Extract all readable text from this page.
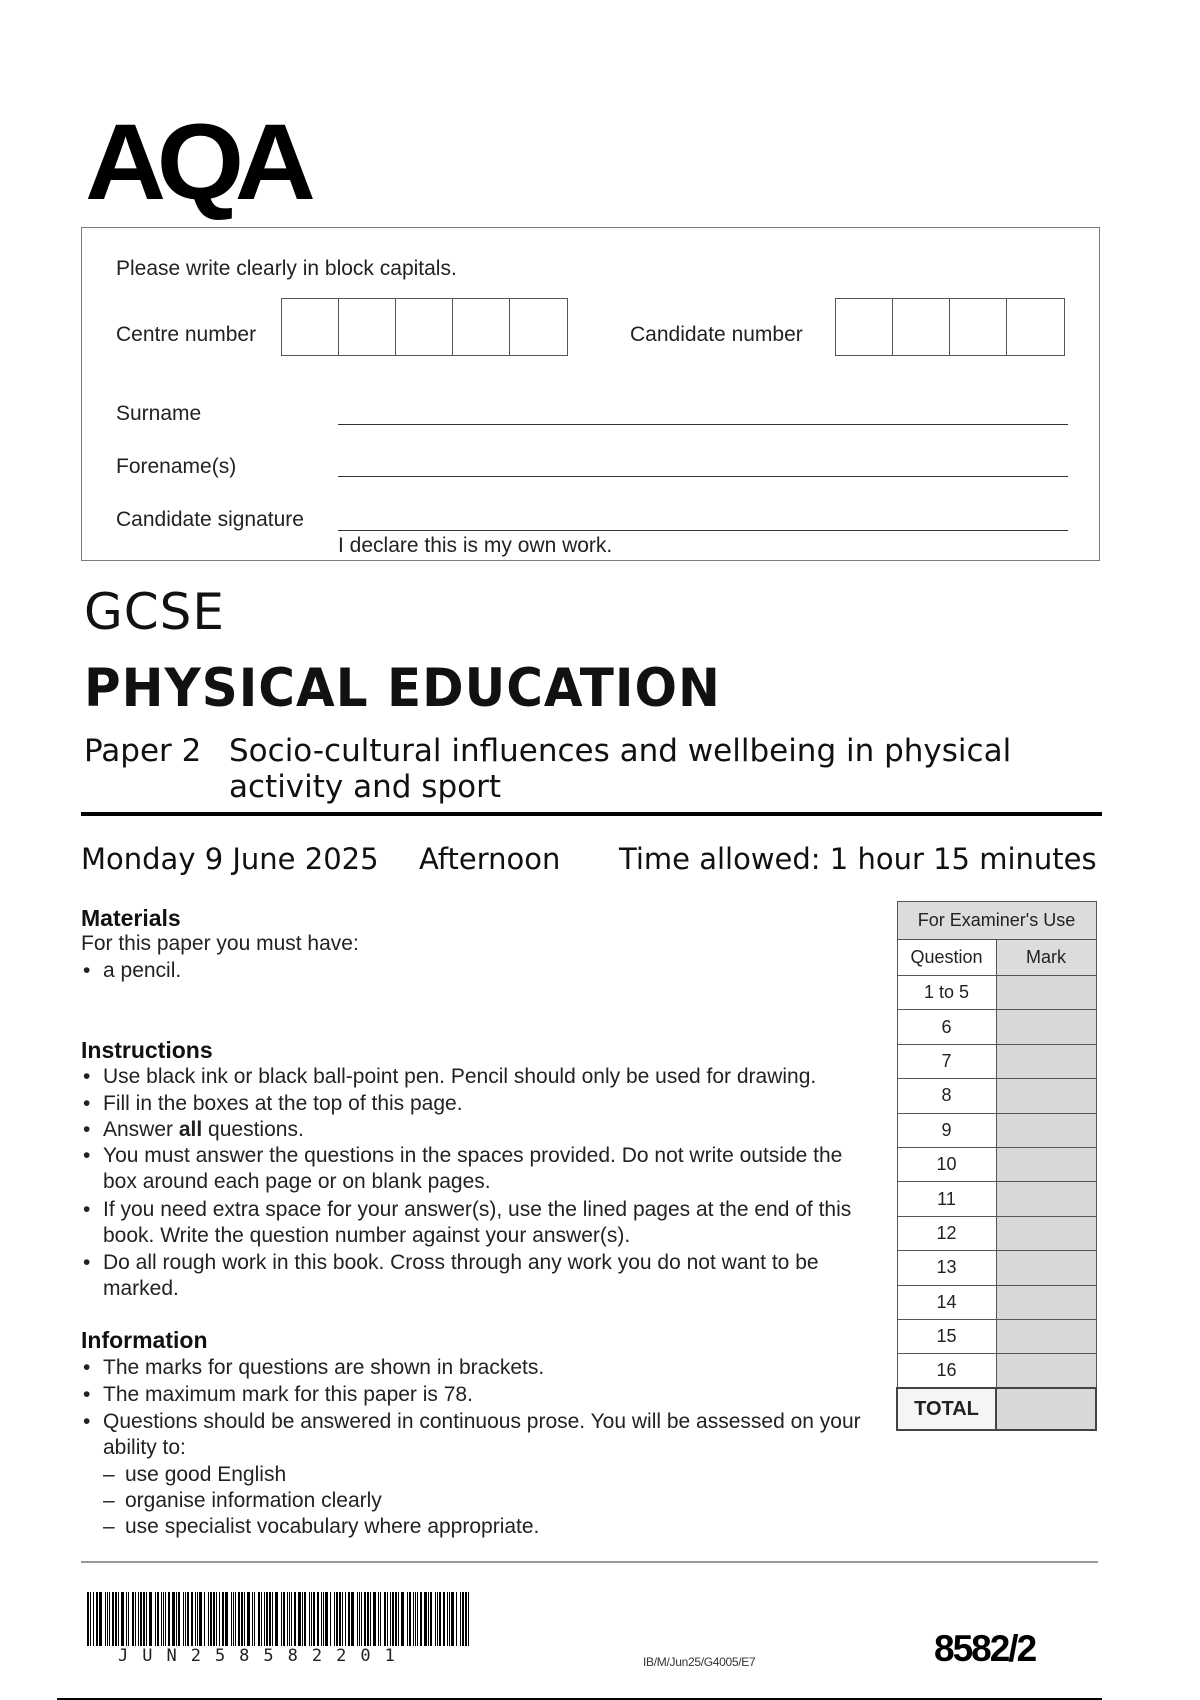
AQA
Please write clearly in block capitals.
Centre number	Candidate number
Surname
Forename(s)
Candidate signature
I declare this is my own work.
GCSE
PHYSICAL EDUCATION
Paper 2 Socio-cultural influences and wellbeing in physical activity and sport
Monday 9 June 2025 Afternoon Time allowed: 1 hour 15 minutes
Materials
For this paper you must have:
• a pencil.
Instructions
• Use black ink or black ball-point pen. Pencil should only be used for drawing.
• Fill in the boxes at the top of this page.
• Answer all questions.
• You must answer the questions in the spaces provided. Do not write outside the box around each page or on blank pages.
• If you need extra space for your answer(s), use the lined pages at the end of this book. Write the question number against your answer(s).
• Do all rough work in this book. Cross through any work you do not want to be marked.
Information
• The marks for questions are shown in brackets.
• The maximum mark for this paper is 78.
• Questions should be answered in continuous prose. You will be assessed on your ability to:
– use good English
– organise information clearly
– use specialist vocabulary where appropriate.
For Examiner's Use	
Question	Mark
1 to 5	
6	
7	
8	
9	
10	
11	
12	
13	
14	
15	
16	
TOTAL	
JUN258582201	IB/M/Jun25/G4005/E7	8582/2
